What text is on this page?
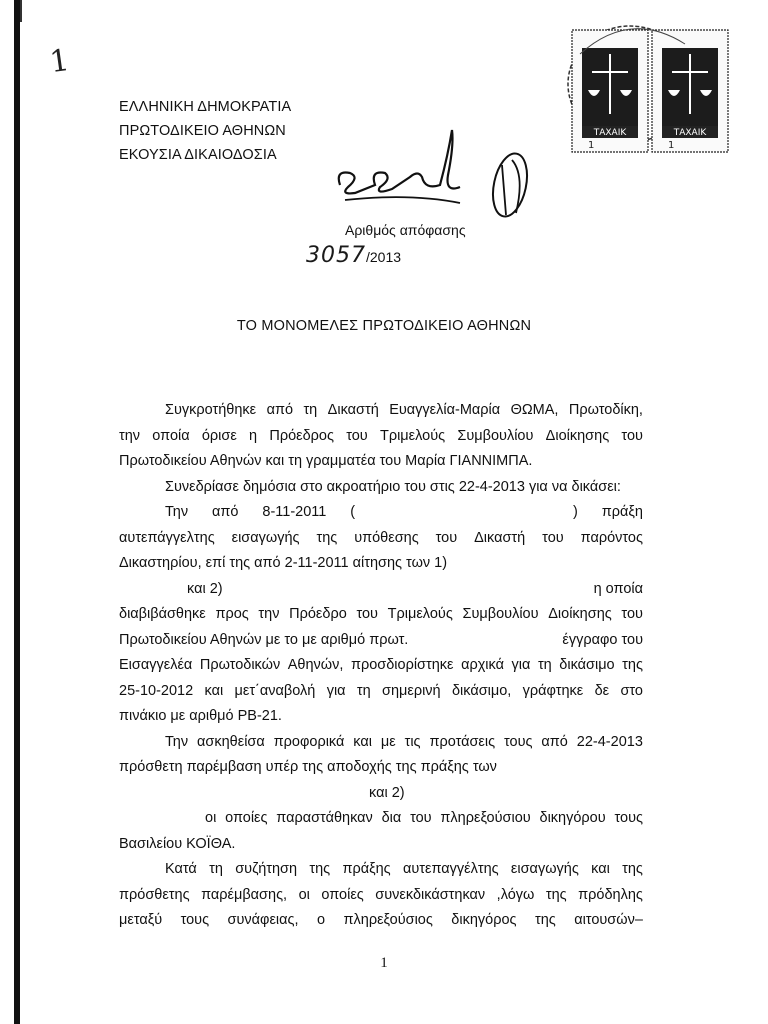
1
ΤΑΧΑΙΚ
1
ΤΑΧΑΙΚ
1
ΕΛΛΗΝΙΚΗ ΔΗΜΟΚΡΑΤΙΑ
ΠΡΩΤΟΔΙΚΕΙΟ ΑΘΗΝΩΝ
ΕΚΟΥΣΙΑ ΔΙΚΑΙΟΔΟΣΙΑ
Αριθμός απόφασης
3057/2013
ΤΟ ΜΟΝΟΜΕΛΕΣ ΠΡΩΤΟΔΙΚΕΙΟ ΑΘΗΝΩΝ
Συγκροτήθηκε από τη Δικαστή Ευαγγελία-Μαρία ΘΩΜΑ, Πρωτοδίκη,
την οποία όρισε η Πρόεδρος του Τριμελούς Συμβουλίου Διοίκησης του
Πρωτοδικείου Αθηνών και τη γραμματέα του Μαρία ΓΙΑΝΝΙΜΠΑ.
Συνεδρίασε δημόσια στο ακροατήριο του στις 22-4-2013 για να δικάσει:
Την από 8-11-2011 (	) πράξη
αυτεπάγγελτης εισαγωγής της υπόθεσης του Δικαστή του παρόντος
Δικαστηρίου, επί της από 2-11-2011 αίτησης των 1)
και 2)	η οποία
διαβιβάσθηκε προς την Πρόεδρο του Τριμελούς Συμβουλίου Διοίκησης του
Πρωτοδικείου Αθηνών με το με αριθμό πρωτ.	έγγραφο του
Εισαγγελέα Πρωτοδικών Αθηνών, προσδιορίστηκε αρχικά για τη δικάσιμο της
25-10-2012 και μετ΄αναβολή για τη σημερινή δικάσιμο, γράφτηκε δε στο
πινάκιο με αριθμό ΡΒ-21.
Την ασκηθείσα προφορικά και με τις προτάσεις τους από 22-4-2013
πρόσθετη παρέμβαση υπέρ της αποδοχής της πράξης των
και 2)
οι οποίες παραστάθηκαν δια του πληρεξούσιου δικηγόρου τους
Βασιλείου ΚΟΪΘΑ.
Κατά τη συζήτηση της πράξης αυτεπαγγέλτης εισαγωγής και της
πρόσθετης παρέμβασης, οι οποίες συνεκδικάστηκαν ,λόγω της πρόδηλης
μεταξύ τους συνάφειας, ο πληρεξούσιος δικηγόρος της αιτουσών–
1
